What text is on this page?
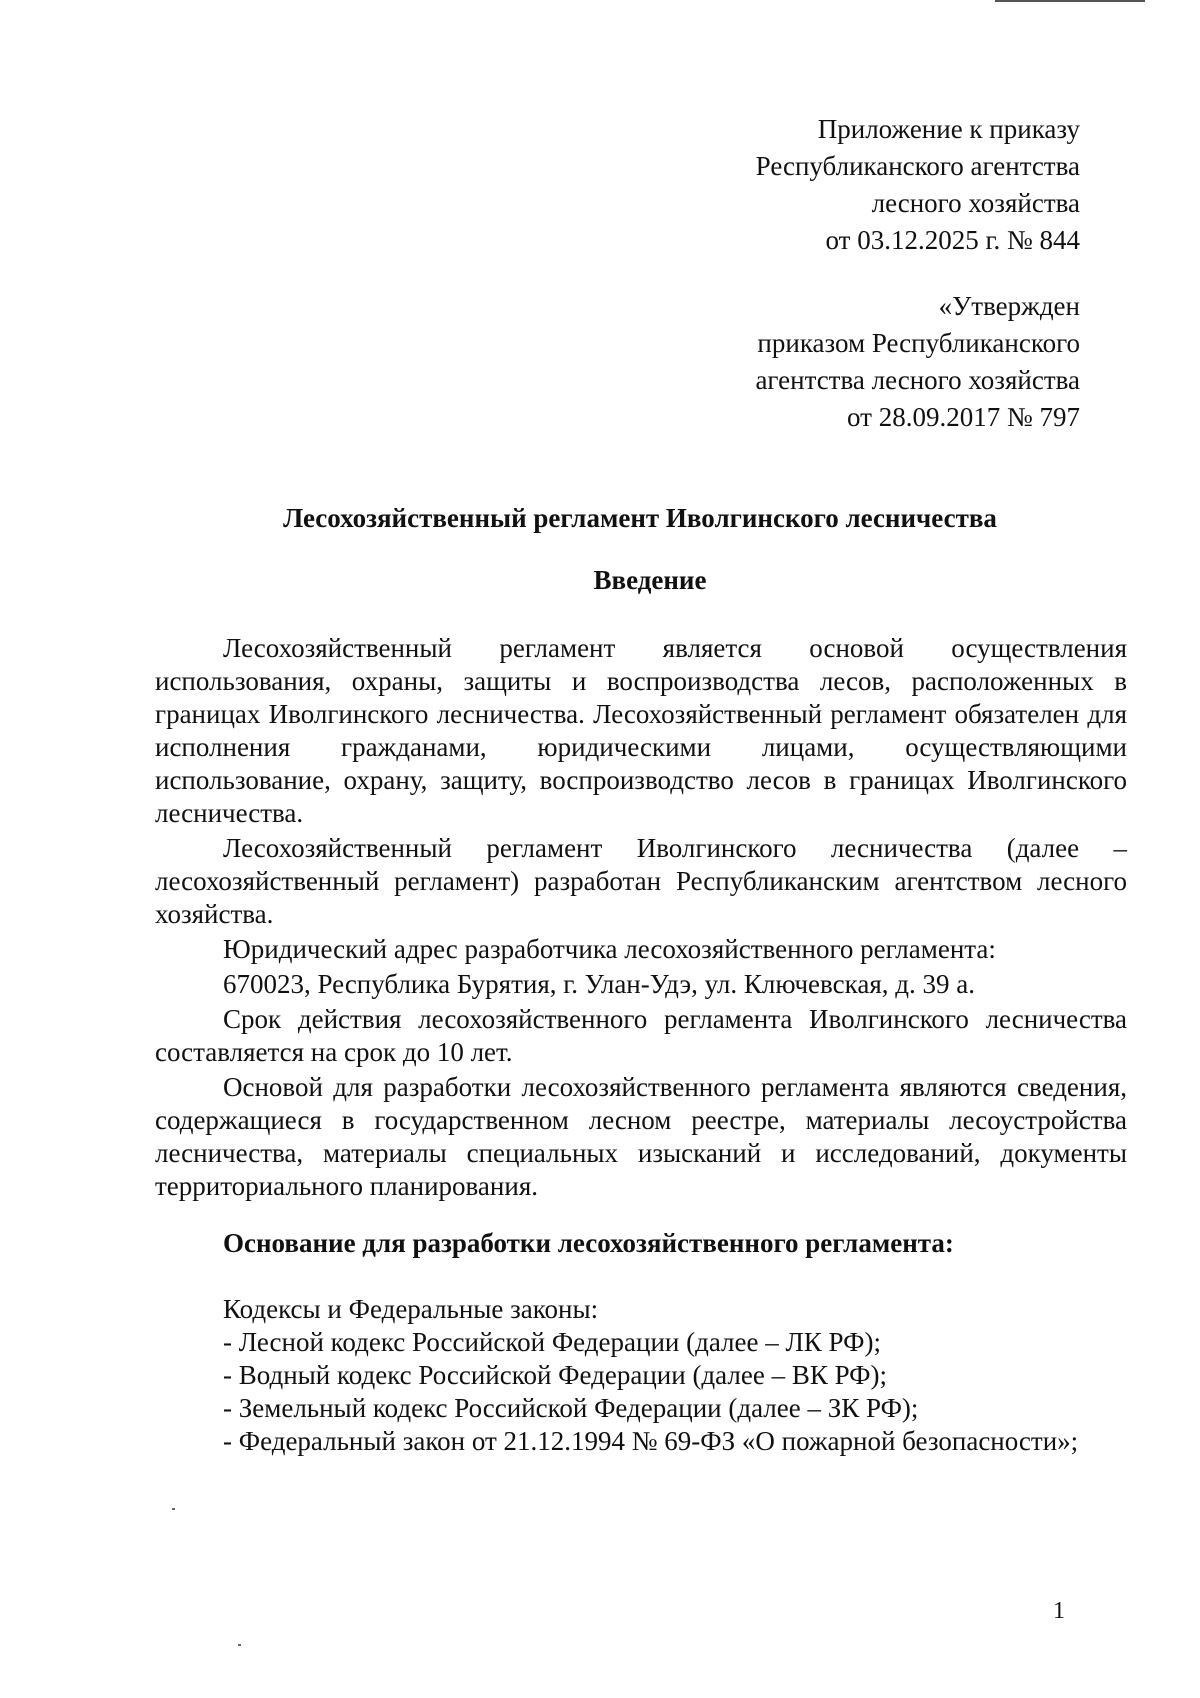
Приложение к приказу
Республиканского агентства
лесного хозяйства
от 03.12.2025 г. № 844
«Утвержден
приказом Республиканского
агентства лесного хозяйства
от 28.09.2017 № 797
Лесохозяйственный регламент Иволгинского лесничества
Введение

Лесохозяйственный регламент является основой осуществления использования, охраны, защиты и воспроизводства лесов, расположенных в границах Иволгинского лесничества. Лесохозяйственный регламент обязателен для исполнения гражданами, юридическими лицами, осуществляющими использование, охрану, защиту, воспроизводство лесов в границах Иволгинского лесничества.

Лесохозяйственный регламент Иволгинского лесничества (далее – лесохозяйственный регламент) разработан Республиканским агентством лесного хозяйства.

Юридический адрес разработчика лесохозяйственного регламента:

670023, Республика Бурятия, г. Улан-Удэ, ул. Ключевская, д. 39 а.

Срок действия лесохозяйственного регламента Иволгинского лесничества составляется на срок до 10 лет.

Основой для разработки лесохозяйственного регламента являются сведения, содержащиеся в государственном лесном реестре, материалы лесоустройства лесничества, материалы специальных изысканий и исследований, документы территориального планирования.

Основание для разработки лесохозяйственного регламента:

Кодексы и Федеральные законы:

- Лесной кодекс Российской Федерации (далее – ЛК РФ);

- Водный кодекс Российской Федерации (далее – ВК РФ);

- Земельный кодекс Российской Федерации (далее – ЗК РФ);

- Федеральный закон от 21.12.1994 № 69-ФЗ «О пожарной безопасности»;

1
